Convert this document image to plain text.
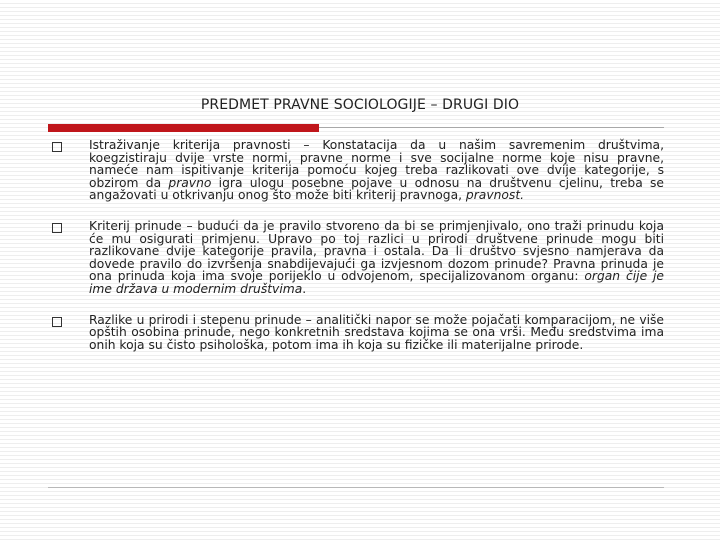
PREDMET PRAVNE SOCIOLOGIJE – DRUGI DIO

Istraživanje kriterija pravnosti – Konstatacija da u našim savremenim društvima, koegzistiraju dvije vrste normi, pravne norme i sve socijalne norme koje nisu pravne, nameće nam ispitivanje kriterija pomoću kojeg treba razlikovati ove dvije kategorije, s obzirom da pravno igra ulogu posebne pojave u odnosu na društvenu cjelinu, treba se angažovati u otkrivanju onog što može biti kriterij pravnoga, pravnost.

Kriterij prinude – budući da je pravilo stvoreno da bi se primjenjivalo, ono traži prinudu koja će mu osigurati primjenu. Upravo po toj razlici u prirodi društvene prinude mogu biti razlikovane dvije kategorije pravila, pravna i ostala. Da li društvo svjesno namjerava da dovede pravilo do izvršenja snabdijevajući ga izvjesnom dozom prinude? Pravna prinuda je ona prinuda koja ima svoje porijeklo u odvojenom, specijalizovanom organu: organ čije je ime država u modernim društvima.

Razlike u prirodi i stepenu prinude – analitički napor se može pojačati komparacijom, ne više opštih osobina prinude, nego konkretnih sredstava kojima se ona vrši. Među sredstvima ima onih koja su čisto psihološka, potom ima ih koja su fizičke ili materijalne prirode.
